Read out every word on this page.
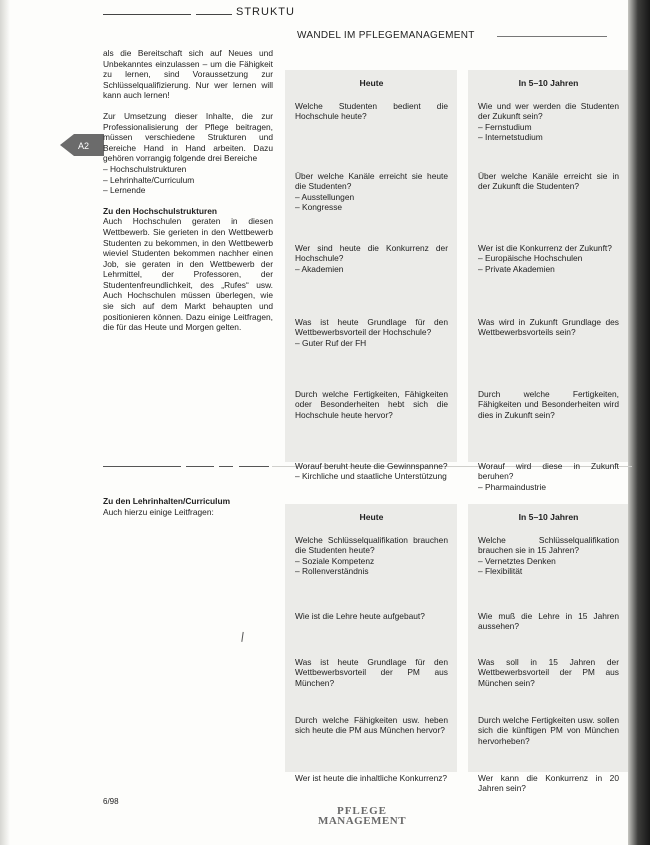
STRUKTU
WANDEL IM PFLEGEMANAGEMENT
A2

als die Bereitschaft sich auf Neues und Unbekanntes einzulassen – um die Fähigkeit zu lernen, sind Voraussetzung zur Schlüsselqualifizierung. Nur wer lernen will kann auch lernen!

Zur Umsetzung dieser Inhalte, die zur Professionalisierung der Pflege beitragen, müssen verschiedene Strukturen und Bereiche Hand in Hand arbeiten. Dazu gehören vorrangig folgende drei Bereiche

– Hochschulstrukturen
– Lehrinhalte/Curriculum
– Lernende

Zu den Hochschulstrukturen

Auch Hochschulen geraten in diesen Wettbewerb. Sie gerieten in den Wettbewerb Studenten zu bekommen, in den Wettbewerb wieviel Studenten bekommen nachher einen Job, sie geraten in den Wettbewerb der Lehrmittel, der Professoren, der Studentenfreundlichkeit, des „Rufes“ usw. Auch Hochschulen müssen überlegen, wie sie sich auf dem Markt behaupten und positionieren können. Dazu einige Leitfragen, die für das Heute und Morgen gelten.

Zu den Lehrinhalten/Curriculum

Auch hierzu einige Leitfragen:

Heute
Welche Studenten bedient die Hochschule heute?
Über welche Kanäle erreicht sie heute die Studenten?
– Ausstellungen
– Kongresse
Wer sind heute die Konkurrenz der Hochschule?
– Akademien
Was ist heute Grundlage für den Wettbewerbsvorteil der Hochschule?
– Guter Ruf der FH
Durch welche Fertigkeiten, Fähigkeiten oder Besonderheiten hebt sich die Hochschule heute hervor?
Worauf beruht heute die Gewinnspanne?
– Kirchliche und staatliche Unterstützung
In 5–10 Jahren
Wie und wer werden die Studenten der Zukunft sein?
– Fernstudium
– Internetstudium
Über welche Kanäle erreicht sie in der Zukunft die Studenten?
Wer ist die Konkurrenz der Zukunft?
– Europäische Hochschulen
– Private Akademien
Was wird in Zukunft Grundlage des Wettbewerbsvorteils sein?
Durch welche Fertigkeiten, Fähigkeiten und Besonderheiten wird dies in Zukunft sein?
Worauf wird diese in Zukunft beruhen?
– Pharmaindustrie
Heute
Welche Schlüsselqualifikation brauchen die Studenten heute?
– Soziale Kompetenz
– Rollenverständnis
Wie ist die Lehre heute aufgebaut?
Was ist heute Grundlage für den Wettbewerbsvorteil der PM aus München?
Durch welche Fähigkeiten usw. heben sich heute die PM aus München hervor?
Wer ist heute die inhaltliche Konkurrenz?
In 5–10 Jahren
Welche Schlüsselqualifikation brauchen sie in 15 Jahren?
– Vernetztes Denken
– Flexibilität
Wie muß die Lehre in 15 Jahren aussehen?
Was soll in 15 Jahren der Wettbewerbsvorteil der PM aus München sein?
Durch welche Fertigkeiten usw. sollen sich die künftigen PM von München hervorheben?
Wer kann die Konkurrenz in 20 Jahren sein?
6/98
PFLEGE
MANAGEMENT
